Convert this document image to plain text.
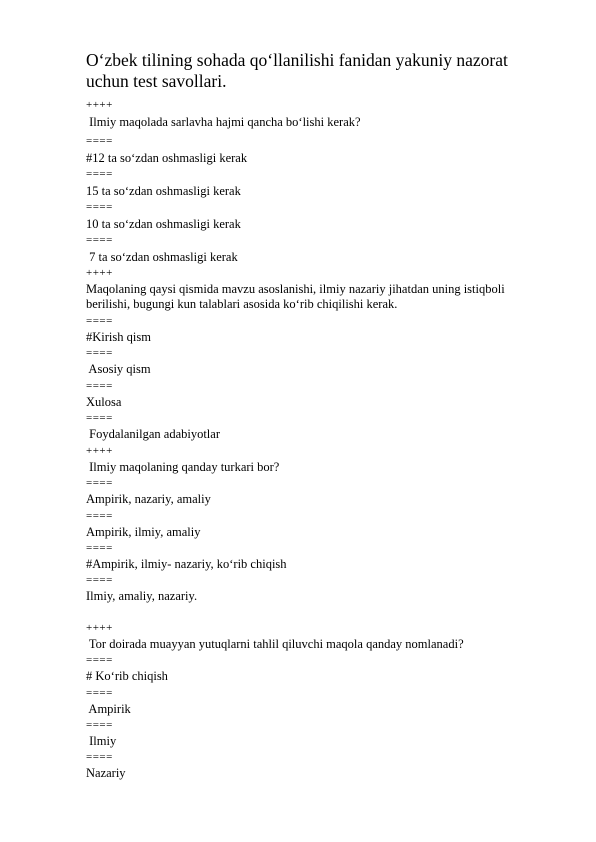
O‘zbek tilining sohada qo‘llanilishi fanidan yakuniy nazorat uchun test savollari.
++++
Ilmiy maqolada sarlavha hajmi qancha bo‘lishi kerak?
====
#12 ta so‘zdan oshmasligi kerak
====
15 ta so‘zdan oshmasligi kerak
====
10 ta so‘zdan oshmasligi kerak
====
7 ta so‘zdan oshmasligi kerak
++++
Maqolaning qaysi qismida mavzu asoslanishi, ilmiy nazariy jihatdan uning istiqboli berilishi, bugungi kun talablari asosida ko‘rib chiqilishi kerak.
====
#Kirish qism
====
Asosiy qism
====
Xulosa
====
Foydalanilgan adabiyotlar
++++
Ilmiy maqolaning qanday turkari bor?
====
Ampirik, nazariy, amaliy
====
Ampirik, ilmiy, amaliy
====
#Ampirik, ilmiy- nazariy, ko‘rib chiqish
====
Ilmiy, amaliy, nazariy.
++++
Tor doirada muayyan yutuqlarni tahlil qiluvchi maqola qanday nomlanadi?
====
# Ko‘rib chiqish
====
Ampirik
====
Ilmiy
====
Nazariy
